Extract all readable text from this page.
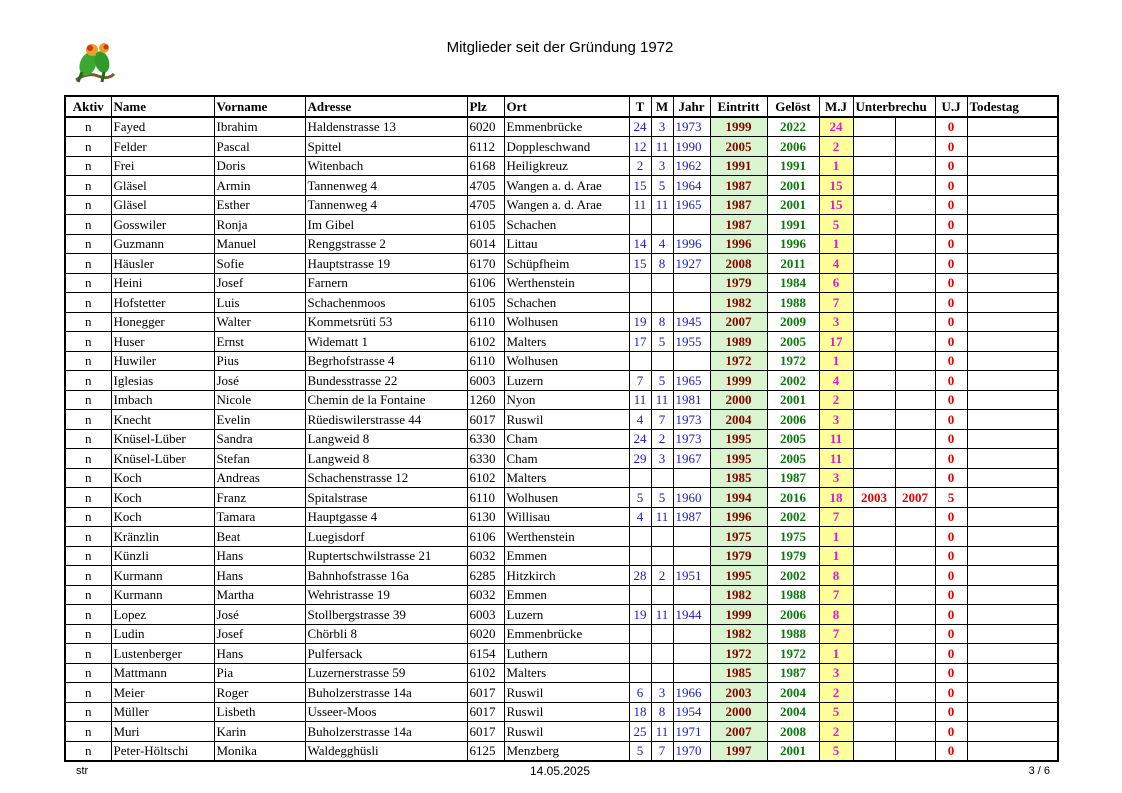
Mitglieder seit der Gründung 1972
Aktiv	Name	Vorname	Adresse	Plz	Ort	T	M	Jahr	Eintritt	Gelöst	M.J	Unterbrechu		U.J	Todestag
n	Fayed	Ibrahim	Haldenstrasse 13	6020	Emmenbrücke	24	3	1973	1999	2022	24			0	
n	Felder	Pascal	Spittel	6112	Doppleschwand	12	11	1990	2005	2006	2			0	
n	Frei	Doris	Witenbach	6168	Heiligkreuz	2	3	1962	1991	1991	1			0	
n	Gläsel	Armin	Tannenweg 4	4705	Wangen a. d. Arae	15	5	1964	1987	2001	15			0	
n	Gläsel	Esther	Tannenweg 4	4705	Wangen a. d. Arae	11	11	1965	1987	2001	15			0	
n	Gosswiler	Ronja	Im Gibel	6105	Schachen				1987	1991	5			0	
n	Guzmann	Manuel	Renggstrasse 2	6014	Littau	14	4	1996	1996	1996	1			0	
n	Häusler	Sofie	Hauptstrasse 19	6170	Schüpfheim	15	8	1927	2008	2011	4			0	
n	Heini	Josef	Farnern	6106	Werthenstein				1979	1984	6			0	
n	Hofstetter	Luis	Schachenmoos	6105	Schachen				1982	1988	7			0	
n	Honegger	Walter	Kommetsrüti 53	6110	Wolhusen	19	8	1945	2007	2009	3			0	
n	Huser	Ernst	Widematt 1	6102	Malters	17	5	1955	1989	2005	17			0	
n	Huwiler	Pius	Begrhofstrasse 4	6110	Wolhusen				1972	1972	1			0	
n	Iglesias	José	Bundesstrasse 22	6003	Luzern	7	5	1965	1999	2002	4			0	
n	Imbach	Nicole	Chemin de la Fontaine	1260	Nyon	11	11	1981	2000	2001	2			0	
n	Knecht	Evelin	Rüediswilerstrasse 44	6017	Ruswil	4	7	1973	2004	2006	3			0	
n	Knüsel-Lüber	Sandra	Langweid 8	6330	Cham	24	2	1973	1995	2005	11			0	
n	Knüsel-Lüber	Stefan	Langweid 8	6330	Cham	29	3	1967	1995	2005	11			0	
n	Koch	Andreas	Schachenstrasse 12	6102	Malters				1985	1987	3			0	
n	Koch	Franz	Spitalstrase	6110	Wolhusen	5	5	1960	1994	2016	18	2003	2007	5	
n	Koch	Tamara	Hauptgasse 4	6130	Willisau	4	11	1987	1996	2002	7			0	
n	Kränzlin	Beat	Luegisdorf	6106	Werthenstein				1975	1975	1			0	
n	Künzli	Hans	Ruptertschwilstrasse 21	6032	Emmen				1979	1979	1			0	
n	Kurmann	Hans	Bahnhofstrasse 16a	6285	Hitzkirch	28	2	1951	1995	2002	8			0	
n	Kurmann	Martha	Wehristrasse 19	6032	Emmen				1982	1988	7			0	
n	Lopez	José	Stollbergstrasse 39	6003	Luzern	19	11	1944	1999	2006	8			0	
n	Ludin	Josef	Chörbli 8	6020	Emmenbrücke				1982	1988	7			0	
n	Lustenberger	Hans	Pulfersack	6154	Luthern				1972	1972	1			0	
n	Mattmann	Pia	Luzernerstrasse 59	6102	Malters				1985	1987	3			0	
n	Meier	Roger	Buholzerstrasse 14a	6017	Ruswil	6	3	1966	2003	2004	2			0	
n	Müller	Lisbeth	Usseer-Moos	6017	Ruswil	18	8	1954	2000	2004	5			0	
n	Muri	Karin	Buholzerstrasse 14a	6017	Ruswil	25	11	1971	2007	2008	2			0	
n	Peter-Höltschi	Monika	Waldegghüsli	6125	Menzberg	5	7	1970	1997	2001	5			0	
str	14.05.2025	3 / 6
